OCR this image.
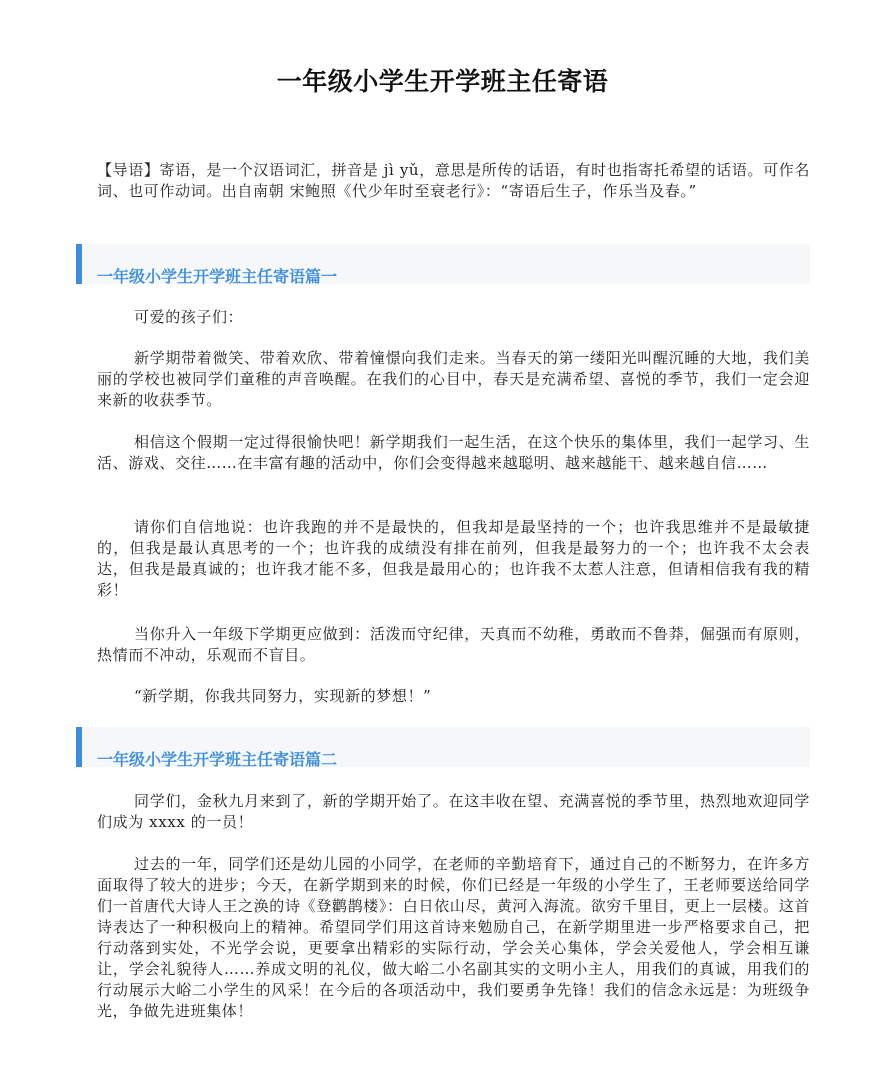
一年级小学生开学班主任寄语

【导语】寄语，是一个汉语词汇，拼音是 jì yǔ，意思是所传的话语，有时也指寄托希望的话语。可作名词、也可作动词。出自南朝 宋鲍照《代少年时至衰老行》：“寄语后生子，作乐当及春。”

一年级小学生开学班主任寄语篇一

可爱的孩子们：

新学期带着微笑、带着欢欣、带着憧憬向我们走来。当春天的第一缕阳光叫醒沉睡的大地，我们美丽的学校也被同学们童稚的声音唤醒。在我们的心目中，春天是充满希望、喜悦的季节，我们一定会迎来新的收获季节。

相信这个假期一定过得很愉快吧！新学期我们一起生活，在这个快乐的集体里，我们一起学习、生活、游戏、交往……在丰富有趣的活动中，你们会变得越来越聪明、越来越能干、越来越自信……

请你们自信地说：也许我跑的并不是最快的，但我却是最坚持的一个；也许我思维并不是最敏捷的，但我是最认真思考的一个；也许我的成绩没有排在前列，但我是最努力的一个；也许我不太会表达，但我是最真诚的；也许我才能不多，但我是最用心的；也许我不太惹人注意，但请相信我有我的精彩！

当你升入一年级下学期更应做到：活泼而守纪律，天真而不幼稚，勇敢而不鲁莽，倔强而有原则，热情而不冲动，乐观而不盲目。

“新学期，你我共同努力，实现新的梦想！”

一年级小学生开学班主任寄语篇二

同学们，金秋九月来到了，新的学期开始了。在这丰收在望、充满喜悦的季节里，热烈地欢迎同学们成为 xxxx 的一员！

过去的一年，同学们还是幼儿园的小同学，在老师的辛勤培育下，通过自己的不断努力，在许多方面取得了较大的进步；今天，在新学期到来的时候，你们已经是一年级的小学生了，王老师要送给同学们一首唐代大诗人王之涣的诗《登鹳鹊楼》：白日依山尽，黄河入海流。欲穷千里目，更上一层楼。这首诗表达了一种积极向上的精神。希望同学们用这首诗来勉励自己，在新学期里进一步严格要求自己，把行动落到实处，不光学会说，更要拿出精彩的实际行动，学会关心集体，学会关爱他人，学会相互谦让，学会礼貌待人……养成文明的礼仪，做大峪二小名副其实的文明小主人，用我们的真诚，用我们的行动展示大峪二小学生的风采！在今后的各项活动中，我们要勇争先锋！我们的信念永远是：为班级争光，争做先进班集体！
